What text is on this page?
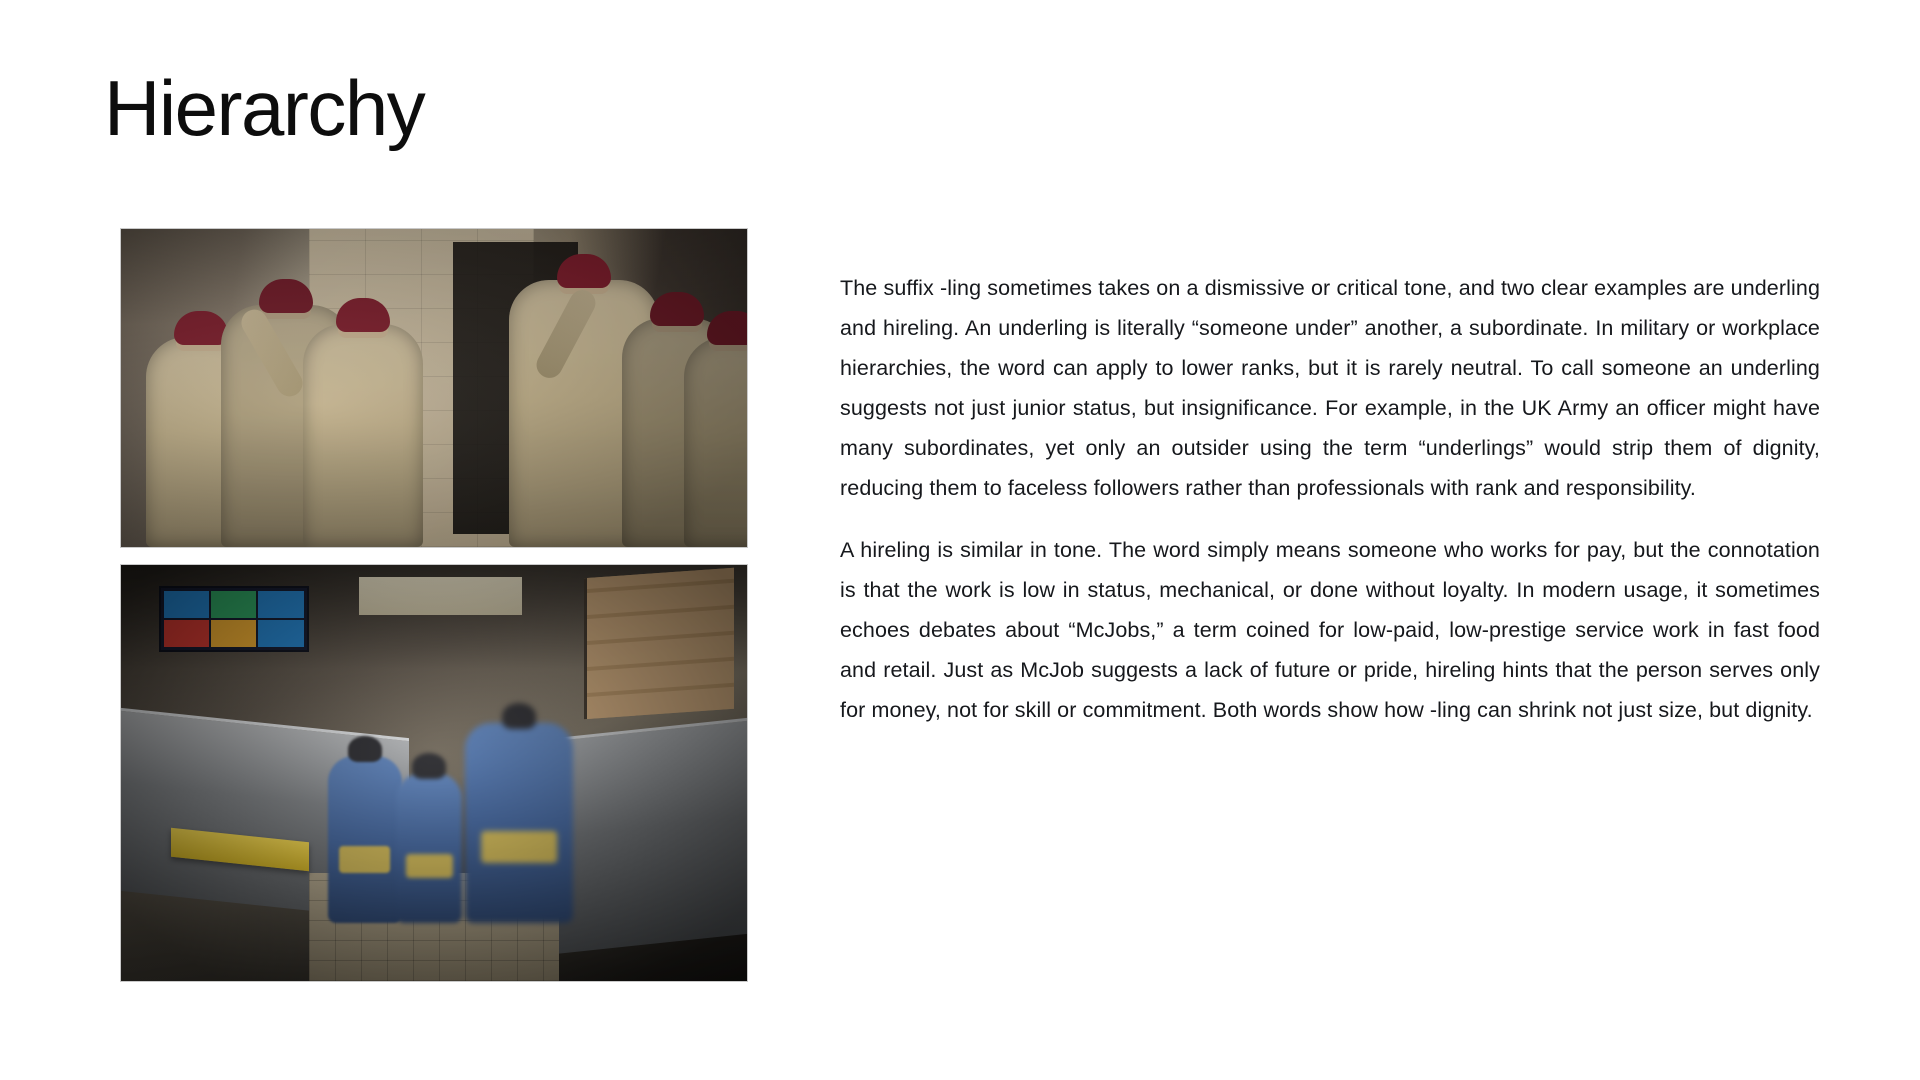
Hierarchy

The suffix -ling sometimes takes on a dismissive or critical tone, and two clear examples are underling and hireling. An underling is literally “someone under” another, a subordinate. In military or workplace hierarchies, the word can apply to lower ranks, but it is rarely neutral. To call someone an underling suggests not just junior status, but insignificance. For example, in the UK Army an officer might have many subordinates, yet only an outsider using the term “underlings” would strip them of dignity, reducing them to faceless followers rather than professionals with rank and responsibility.

A hireling is similar in tone. The word simply means someone who works for pay, but the connotation is that the work is low in status, mechanical, or done without loyalty. In modern usage, it sometimes echoes debates about “McJobs,” a term coined for low-paid, low-prestige service work in fast food and retail. Just as McJob suggests a lack of future or pride, hireling hints that the person serves only for money, not for skill or commitment. Both words show how -ling can shrink not just size, but dignity.
